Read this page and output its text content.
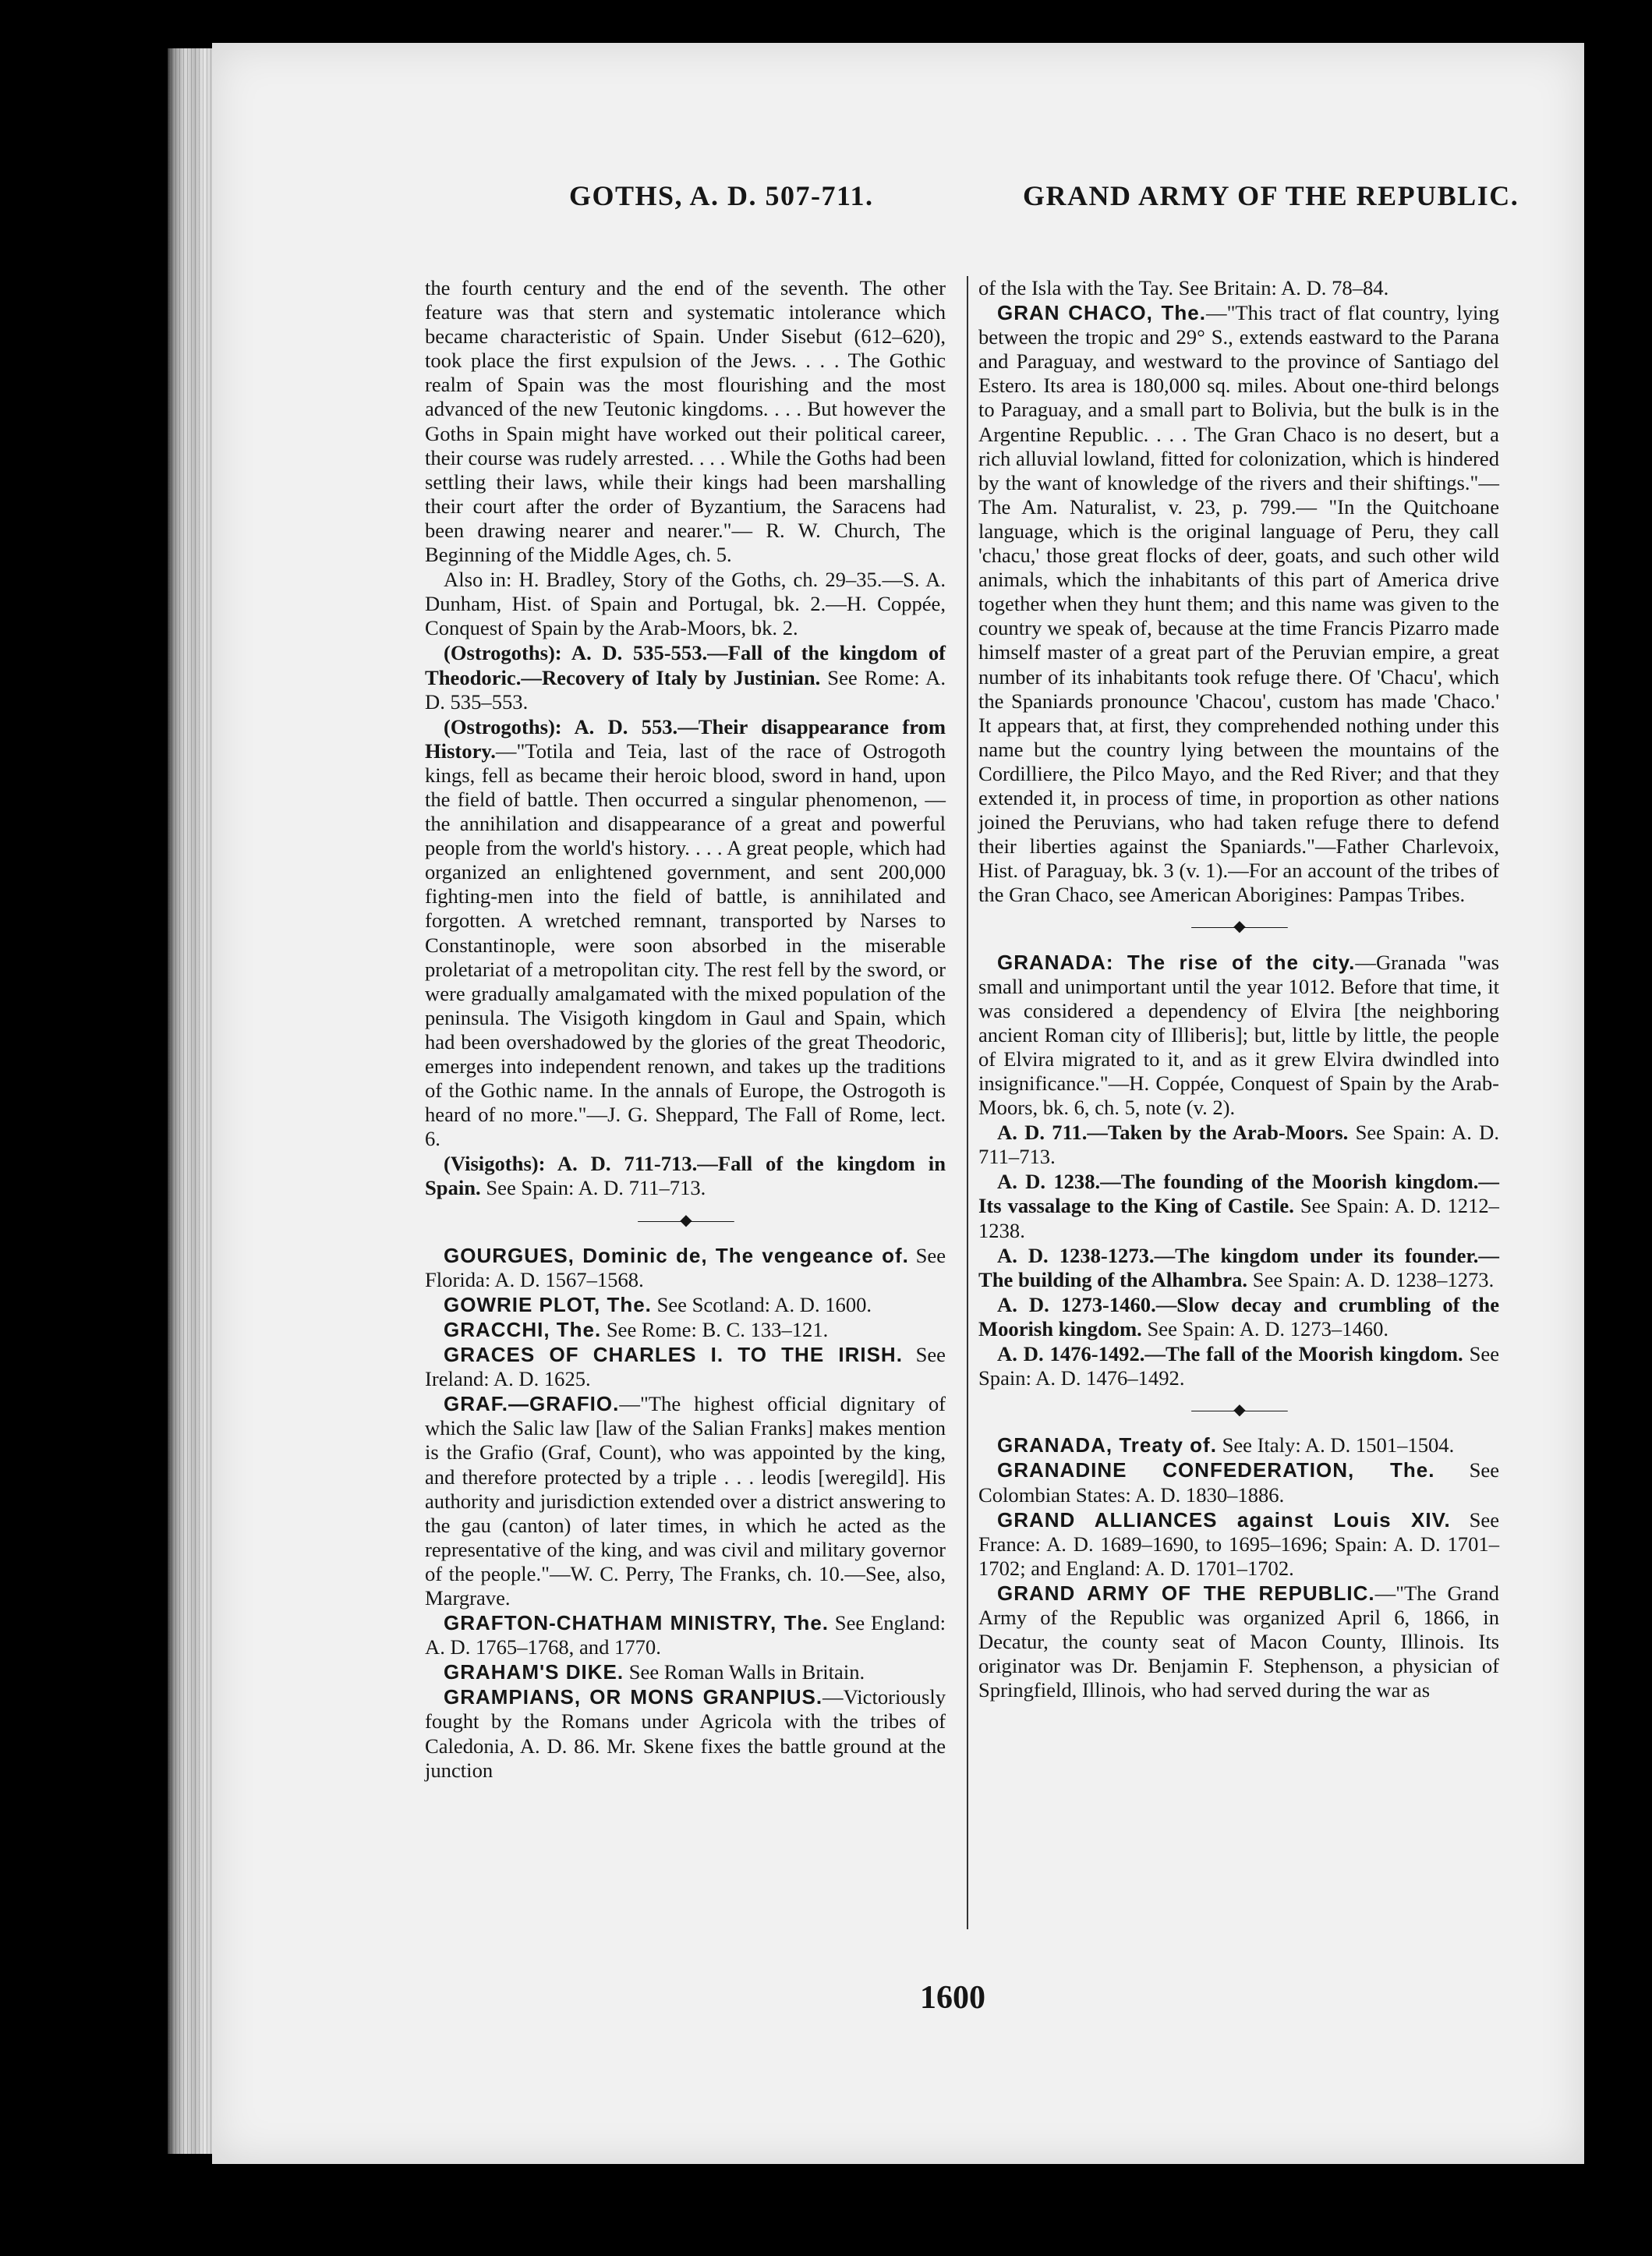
GOTHS, A. D. 507-711.	GRAND ARMY OF THE REPUBLIC.

the fourth century and the end of the seventh. The other feature was that stern and systematic intolerance which became characteristic of Spain. Under Sisebut (612–620), took place the first expulsion of the Jews. . . . The Gothic realm of Spain was the most flourishing and the most advanced of the new Teutonic kingdoms. . . . But however the Goths in Spain might have worked out their political career, their course was rudely arrested. . . . While the Goths had been settling their laws, while their kings had been marshalling their court after the order of Byzantium, the Saracens had been drawing nearer and nearer."— R. W. Church, The Beginning of the Middle Ages, ch. 5.

Also in: H. Bradley, Story of the Goths, ch. 29–35.—S. A. Dunham, Hist. of Spain and Portugal, bk. 2.—H. Coppée, Conquest of Spain by the Arab-Moors, bk. 2.

(Ostrogoths): A. D. 535-553.—Fall of the kingdom of Theodoric.—Recovery of Italy by Justinian. See Rome: A. D. 535–553.

(Ostrogoths): A. D. 553.—Their disappearance from History.—"Totila and Teia, last of the race of Ostrogoth kings, fell as became their heroic blood, sword in hand, upon the field of battle. Then occurred a singular phenomenon, —the annihilation and disappearance of a great and powerful people from the world's history. . . . A great people, which had organized an enlightened government, and sent 200,000 fighting-men into the field of battle, is annihilated and forgotten. A wretched remnant, transported by Narses to Constantinople, were soon absorbed in the miserable proletariat of a metropolitan city. The rest fell by the sword, or were gradually amalgamated with the mixed population of the peninsula. The Visigoth kingdom in Gaul and Spain, which had been overshadowed by the glories of the great Theodoric, emerges into independent renown, and takes up the traditions of the Gothic name. In the annals of Europe, the Ostrogoth is heard of no more."—J. G. Sheppard, The Fall of Rome, lect. 6.

(Visigoths): A. D. 711-713.—Fall of the kingdom in Spain. See Spain: A. D. 711–713.

———◆———

GOURGUES, Dominic de, The vengeance of. See Florida: A. D. 1567–1568.

GOWRIE PLOT, The. See Scotland: A. D. 1600.

GRACCHI, The. See Rome: B. C. 133–121.

GRACES OF CHARLES I. TO THE IRISH. See Ireland: A. D. 1625.

GRAF.—GRAFIO.—"The highest official dignitary of which the Salic law [law of the Salian Franks] makes mention is the Grafio (Graf, Count), who was appointed by the king, and therefore protected by a triple . . . leodis [weregild]. His authority and jurisdiction extended over a district answering to the gau (canton) of later times, in which he acted as the representative of the king, and was civil and military governor of the people."—W. C. Perry, The Franks, ch. 10.—See, also, Margrave.

GRAFTON-CHATHAM MINISTRY, The. See England: A. D. 1765–1768, and 1770.

GRAHAM'S DIKE. See Roman Walls in Britain.

GRAMPIANS, OR MONS GRANPIUS.—Victoriously fought by the Romans under Agricola with the tribes of Caledonia, A. D. 86. Mr. Skene fixes the battle ground at the junction

of the Isla with the Tay. See Britain: A. D. 78–84.

GRAN CHACO, The.—"This tract of flat country, lying between the tropic and 29° S., extends eastward to the Parana and Paraguay, and westward to the province of Santiago del Estero. Its area is 180,000 sq. miles. About one-third belongs to Paraguay, and a small part to Bolivia, but the bulk is in the Argentine Republic. . . . The Gran Chaco is no desert, but a rich alluvial lowland, fitted for colonization, which is hindered by the want of knowledge of the rivers and their shiftings."—The Am. Naturalist, v. 23, p. 799.— "In the Quitchoane language, which is the original language of Peru, they call 'chacu,' those great flocks of deer, goats, and such other wild animals, which the inhabitants of this part of America drive together when they hunt them; and this name was given to the country we speak of, because at the time Francis Pizarro made himself master of a great part of the Peruvian empire, a great number of its inhabitants took refuge there. Of 'Chacu', which the Spaniards pronounce 'Chacou', custom has made 'Chaco.' It appears that, at first, they comprehended nothing under this name but the country lying between the mountains of the Cordilliere, the Pilco Mayo, and the Red River; and that they extended it, in process of time, in proportion as other nations joined the Peruvians, who had taken refuge there to defend their liberties against the Spaniards."—Father Charlevoix, Hist. of Paraguay, bk. 3 (v. 1).—For an account of the tribes of the Gran Chaco, see American Aborigines: Pampas Tribes.

———◆———

GRANADA: The rise of the city.—Granada "was small and unimportant until the year 1012. Before that time, it was considered a dependency of Elvira [the neighboring ancient Roman city of Illiberis]; but, little by little, the people of Elvira migrated to it, and as it grew Elvira dwindled into insignificance."—H. Coppée, Conquest of Spain by the Arab-Moors, bk. 6, ch. 5, note (v. 2).

A. D. 711.—Taken by the Arab-Moors. See Spain: A. D. 711–713.

A. D. 1238.—The founding of the Moorish kingdom.—Its vassalage to the King of Castile. See Spain: A. D. 1212–1238.

A. D. 1238-1273.—The kingdom under its founder.—The building of the Alhambra. See Spain: A. D. 1238–1273.

A. D. 1273-1460.—Slow decay and crumbling of the Moorish kingdom. See Spain: A. D. 1273–1460.

A. D. 1476-1492.—The fall of the Moorish kingdom. See Spain: A. D. 1476–1492.

———◆———

GRANADA, Treaty of. See Italy: A. D. 1501–1504.

GRANADINE CONFEDERATION, The. See Colombian States: A. D. 1830–1886.

GRAND ALLIANCES against Louis XIV. See France: A. D. 1689–1690, to 1695–1696; Spain: A. D. 1701–1702; and England: A. D. 1701–1702.

GRAND ARMY OF THE REPUBLIC.—"The Grand Army of the Republic was organized April 6, 1866, in Decatur, the county seat of Macon County, Illinois. Its originator was Dr. Benjamin F. Stephenson, a physician of Springfield, Illinois, who had served during the war as

1600
